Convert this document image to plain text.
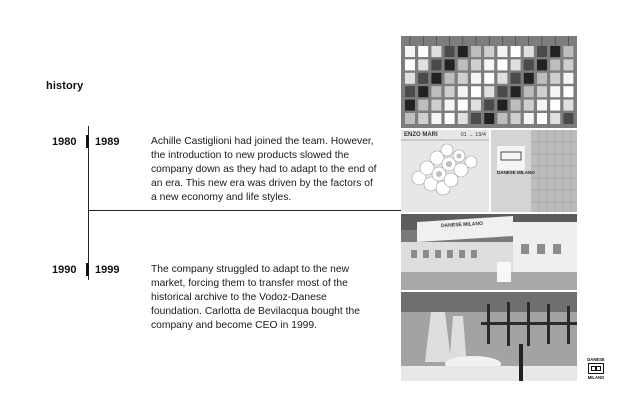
history
1980 1989	Achille Castiglioni had joined the team. However, the introduction to new products slowed the company down as they had to adapt to the end of an era. This new era was driven by the factors of a new economy and life styles.
1990 1999	The company struggled to adapt to the new market, forcing them to transfer most of the historical archive to the Vodoz-Danese foundation. Carlotta de Bevilacqua bought the company and become CEO in 1999.
ENZO MARI	01 → 19/4
DANESE MILANO
DANESE MILANO
DANESE
MILANO
